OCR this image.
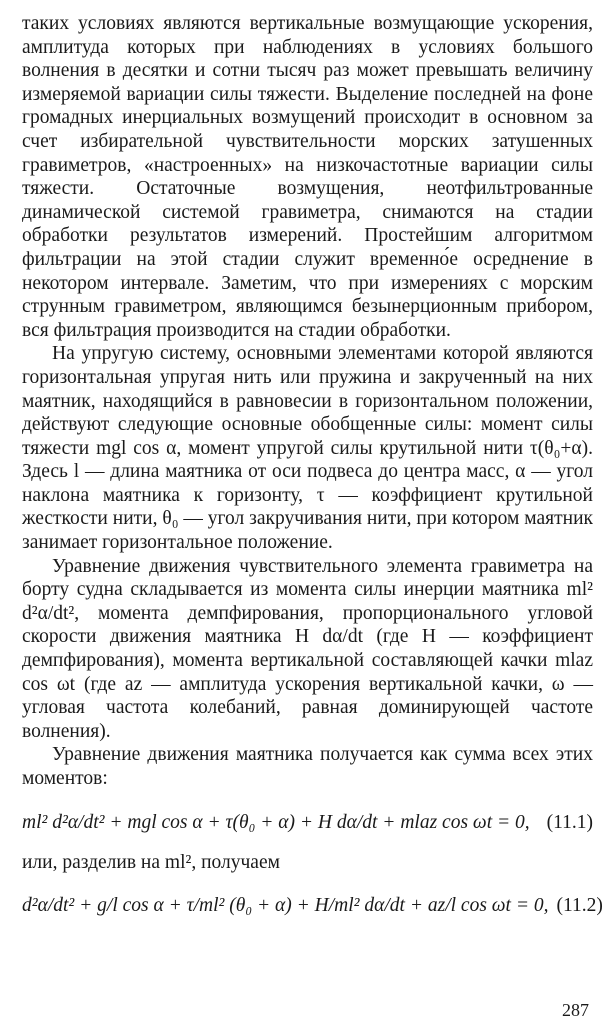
таких условиях являются вертикальные возмущающие ускорения, амплитуда которых при наблюдениях в условиях большого волнения в десятки и сотни тысяч раз может превышать величину измеряемой вариации силы тяжести. Выделение последней на фоне громадных инерциальных возмущений происходит в основном за счет избирательной чувствительности морских затушенных гравиметров, «настроенных» на низкочастотные вариации силы тяжести. Остаточные возмущения, неотфильтрованные динамической системой гравиметра, снимаются на стадии обработки результатов измерений. Простейшим алгоритмом фильтрации на этой стадии служит временно́е осреднение в некотором интервале. Заметим, что при измерениях с морским струнным гравиметром, являющимся безынерционным прибором, вся фильтрация производится на стадии обработки.

На упругую систему, основными элементами которой являются горизонтальная упругая нить или пружина и закрученный на них маятник, находящийся в равновесии в горизонтальном положении, действуют следующие основные обобщенные силы: момент силы тяжести mgl cos α, момент упругой силы крутильной нити τ(θ₀+α). Здесь l — длина маятника от оси подвеса до центра масс, α — угол наклона маятника к горизонту, τ — коэффициент крутильной жесткости нити, θ₀ — угол закручивания нити, при котором маятник занимает горизонтальное положение.

Уравнение движения чувствительного элемента гравиметра на борту судна складывается из момента силы инерции маятника ml² d²α/dt², момента демпфирования, пропорционального угловой скорости движения маятника H dα/dt (где H — коэффициент демпфирования), момента вертикальной составляющей качки mlaz cos ωt (где az — амплитуда ускорения вертикальной качки, ω — угловая частота колебаний, равная доминирующей частоте волнения).

Уравнение движения маятника получается как сумма всех этих моментов:

ml² d²α/dt² + mgl cos α + τ(θ₀ + α) + H dα/dt + mlaz cos ωt = 0, (11.1)

или, разделив на ml², получаем

d²α/dt² + g/l cos α + τ/ml² (θ₀ + α) + H/ml² dα/dt + az/l cos ωt = 0, (11.2)
287
